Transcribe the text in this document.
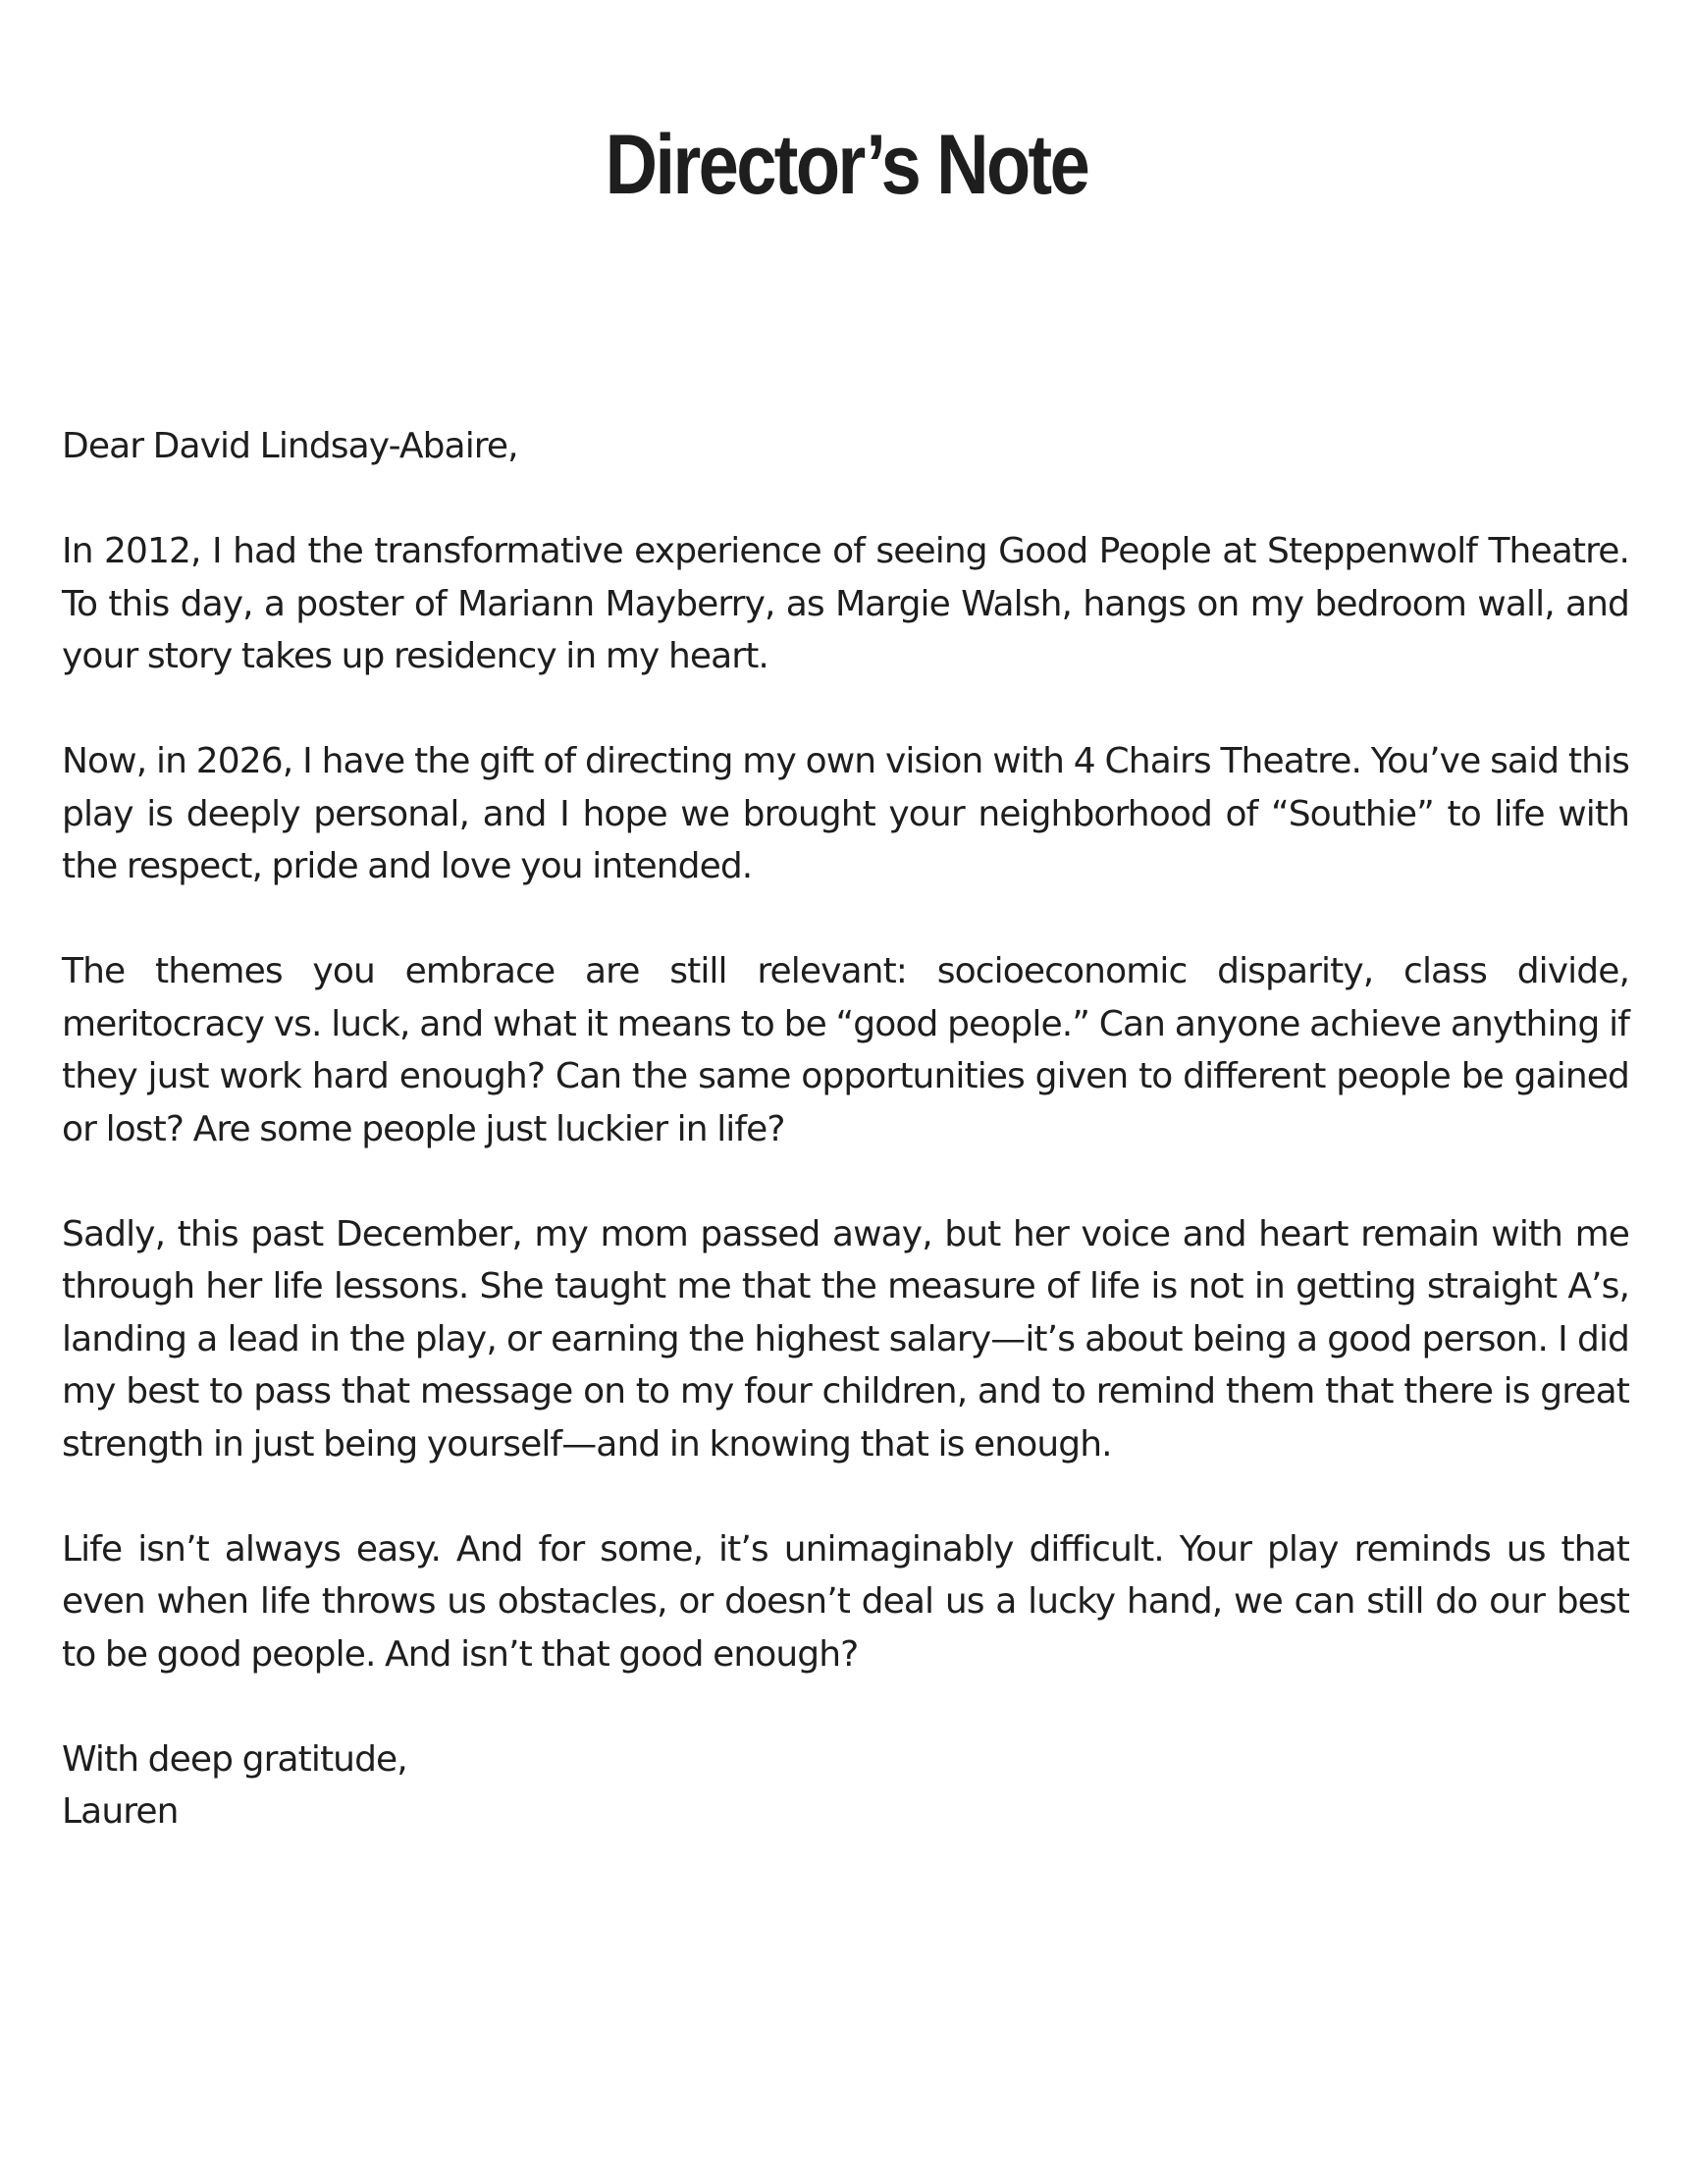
Director’s Note

Dear David Lindsay-Abaire,

In 2012, I had the transformative experience of seeing Good People at Steppenwolf Theatre. To this day, a poster of Mariann Mayberry, as Margie Walsh, hangs on my bedroom wall, and your story takes up residency in my heart.

Now, in 2026, I have the gift of directing my own vision with 4 Chairs Theatre. You’ve said this play is deeply personal, and I hope we brought your neighborhood of “Southie” to life with the respect, pride and love you intended.

The themes you embrace are still relevant: socioeconomic disparity, class divide, meritocracy vs. luck, and what it means to be “good people.” Can anyone achieve anything if they just work hard enough? Can the same opportunities given to different people be gained or lost? Are some people just luckier in life?

Sadly, this past December, my mom passed away, but her voice and heart remain with me through her life lessons. She taught me that the measure of life is not in getting straight A’s, landing a lead in the play, or earning the highest salary—it’s about being a good person. I did my best to pass that message on to my four children, and to remind them that there is great strength in just being yourself—and in knowing that is enough.

Life isn’t always easy. And for some, it’s unimaginably difficult. Your play reminds us that even when life throws us obstacles, or doesn’t deal us a lucky hand, we can still do our best to be good people. And isn’t that good enough?

With deep gratitude,

Lauren
